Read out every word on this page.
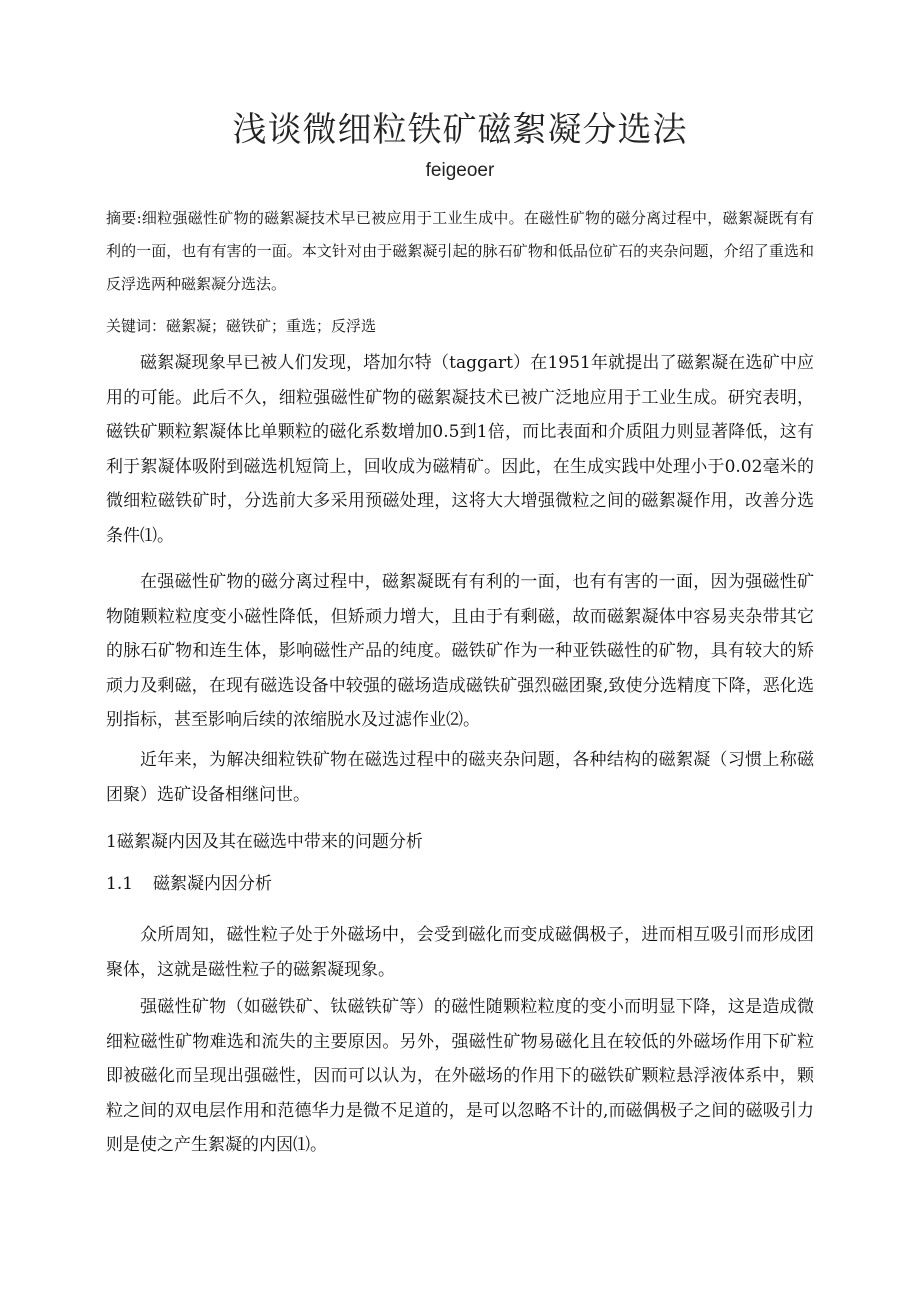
浅谈微细粒铁矿磁絮凝分选法
feigeoer

摘要:细粒强磁性矿物的磁絮凝技术早已被应用于工业生成中。在磁性矿物的磁分离过程中，磁絮凝既有有利的一面，也有有害的一面。本文针对由于磁絮凝引起的脉石矿物和低品位矿石的夹杂问题，介绍了重选和反浮选两种磁絮凝分选法。

关键词：磁絮凝；磁铁矿；重选；反浮选

磁絮凝现象早已被人们发现，塔加尔特（taggart）在1951年就提出了磁絮凝在选矿中应用的可能。此后不久，细粒强磁性矿物的磁絮凝技术已被广泛地应用于工业生成。研究表明，磁铁矿颗粒絮凝体比单颗粒的磁化系数增加0.5到1倍，而比表面和介质阻力则显著降低，这有利于絮凝体吸附到磁选机短筒上，回收成为磁精矿。因此，在生成实践中处理小于0.02毫米的微细粒磁铁矿时，分选前大多采用预磁处理，这将大大增强微粒之间的磁絮凝作用，改善分选条件⑴。

在强磁性矿物的磁分离过程中，磁絮凝既有有利的一面，也有有害的一面，因为强磁性矿物随颗粒粒度变小磁性降低，但矫顽力增大，且由于有剩磁，故而磁絮凝体中容易夹杂带其它的脉石矿物和连生体，影响磁性产品的纯度。磁铁矿作为一种亚铁磁性的矿物，具有较大的矫顽力及剩磁，在现有磁选设备中较强的磁场造成磁铁矿强烈磁团聚,致使分选精度下降，恶化选别指标，甚至影响后续的浓缩脱水及过滤作业⑵。

近年来，为解决细粒铁矿物在磁选过程中的磁夹杂问题，各种结构的磁絮凝（习惯上称磁团聚）选矿设备相继问世。

1磁絮凝内因及其在磁选中带来的问题分析

1.1 磁絮凝内因分析

众所周知，磁性粒子处于外磁场中，会受到磁化而变成磁偶极子，进而相互吸引而形成团聚体，这就是磁性粒子的磁絮凝现象。

强磁性矿物（如磁铁矿、钛磁铁矿等）的磁性随颗粒粒度的变小而明显下降，这是造成微细粒磁性矿物难选和流失的主要原因。另外，强磁性矿物易磁化且在较低的外磁场作用下矿粒即被磁化而呈现出强磁性，因而可以认为，在外磁场的作用下的磁铁矿颗粒悬浮液体系中，颗粒之间的双电层作用和范德华力是微不足道的，是可以忽略不计的,而磁偶极子之间的磁吸引力则是使之产生絮凝的内因⑴。
